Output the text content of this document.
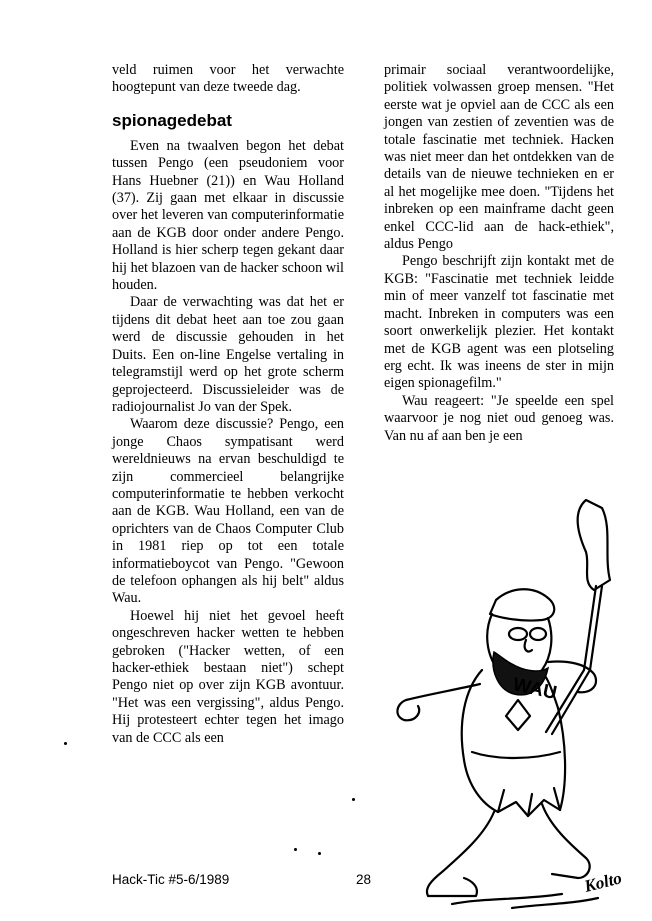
veld ruimen voor het verwachte hoogtepunt van deze tweede dag.

spionagedebat

Even na twaalven begon het debat tussen Pengo (een pseudoniem voor Hans Huebner (21)) en Wau Holland (37). Zij gaan met elkaar in discussie over het leveren van computerinformatie aan de KGB door onder andere Pengo. Holland is hier scherp tegen gekant daar hij het blazoen van de hacker schoon wil houden.

Daar de verwachting was dat het er tijdens dit debat heet aan toe zou gaan werd de discussie gehouden in het Duits. Een on-line Engelse vertaling in telegramstijl werd op het grote scherm geprojecteerd. Discussieleider was de radiojournalist Jo van der Spek.

Waarom deze discussie? Pengo, een jonge Chaos sympatisant werd wereldnieuws na ervan beschuldigd te zijn commercieel belangrijke computerinformatie te hebben verkocht aan de KGB. Wau Holland, een van de oprichters van de Chaos Computer Club in 1981 riep op tot een totale informatieboycot van Pengo. "Gewoon de telefoon ophangen als hij belt" aldus Wau.

Hoewel hij niet het gevoel heeft ongeschreven hacker wetten te hebben gebroken ("Hacker wetten, of een hacker-ethiek bestaan niet") schept Pengo niet op over zijn KGB avontuur. "Het was een vergissing", aldus Pengo. Hij protesteert echter tegen het imago van de CCC als een

primair sociaal verantwoordelijke, politiek volwassen groep mensen. "Het eerste wat je opviel aan de CCC als een jongen van zestien of zeventien was de totale fascinatie met techniek. Hacken was niet meer dan het ontdekken van de details van de nieuwe technieken en er al het mogelijke mee doen. "Tijdens het inbreken op een mainframe dacht geen enkel CCC-lid aan de hack-ethiek", aldus Pengo

Pengo beschrijft zijn kontakt met de KGB: "Fascinatie met techniek leidde min of meer vanzelf tot fascinatie met macht. Inbreken in computers was een soort onwerkelijk plezier. Het kontakt met de KGB agent was een plotseling erg echt. Ik was ineens de ster in mijn eigen spionagefilm."

Wau reageert: "Je speelde een spel waarvoor je nog niet oud genoeg was. Van nu af aan ben je een

WAU
Kolto
Hack-Tic #5-6/1989	28
